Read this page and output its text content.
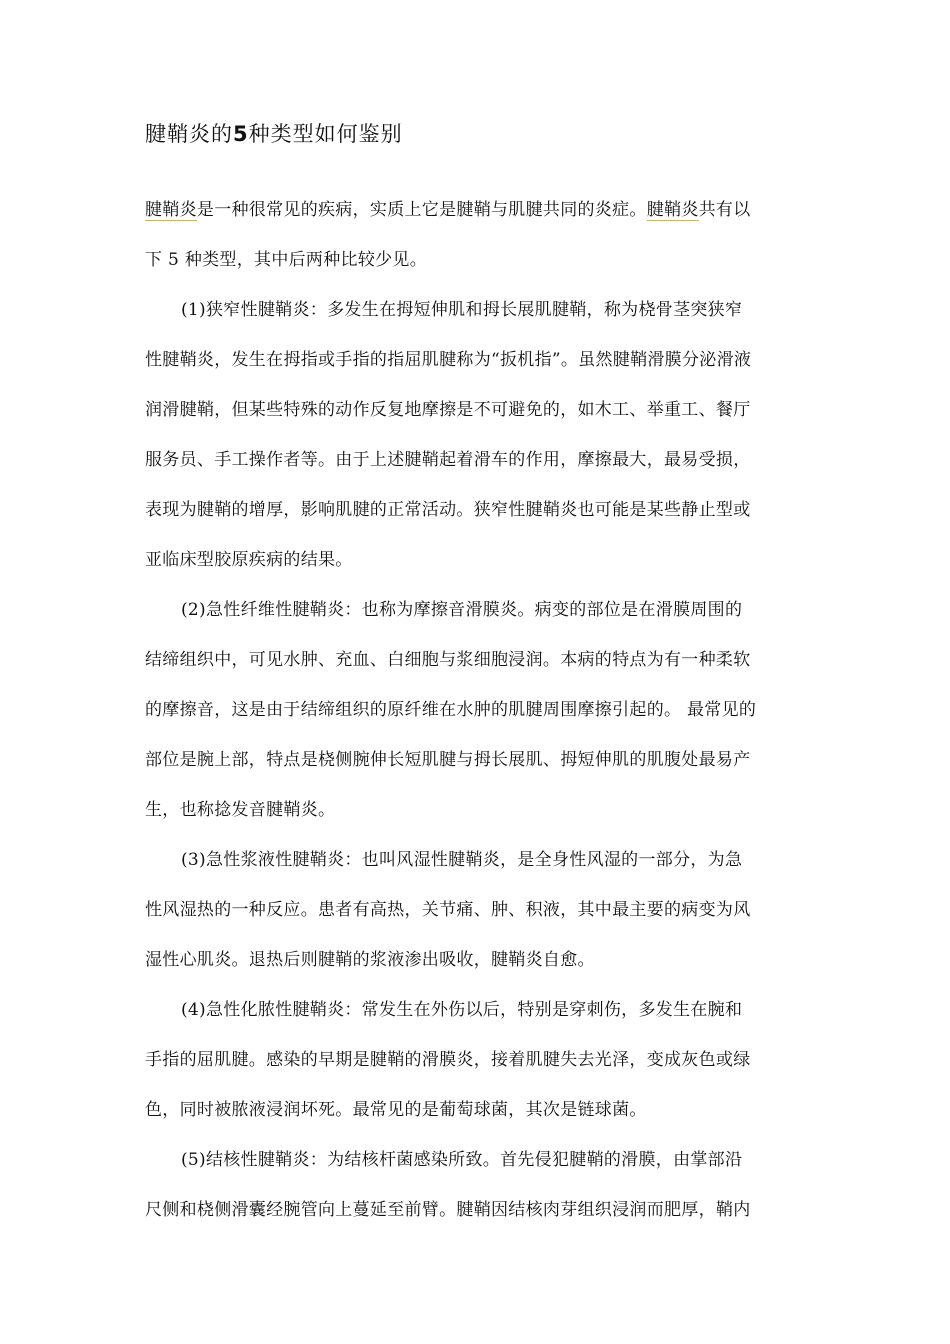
腱鞘炎的5种类型如何鉴别
腱鞘炎是一种很常见的疾病，实质上它是腱鞘与肌腱共同的炎症。腱鞘炎共有以
下 5 种类型，其中后两种比较少见。
(1)狭窄性腱鞘炎：多发生在拇短伸肌和拇长展肌腱鞘，称为桡骨茎突狭窄
性腱鞘炎，发生在拇指或手指的指屈肌腱称为“扳机指”。虽然腱鞘滑膜分泌滑液
润滑腱鞘，但某些特殊的动作反复地摩擦是不可避免的，如木工、举重工、餐厅
服务员、手工操作者等。由于上述腱鞘起着滑车的作用，摩擦最大，最易受损，
表现为腱鞘的增厚，影响肌腱的正常活动。狭窄性腱鞘炎也可能是某些静止型或
亚临床型胶原疾病的结果。
(2)急性纤维性腱鞘炎：也称为摩擦音滑膜炎。病变的部位是在滑膜周围的
结缔组织中，可见水肿、充血、白细胞与浆细胞浸润。本病的特点为有一种柔软
的摩擦音，这是由于结缔组织的原纤维在水肿的肌腱周围摩擦引起的。 最常见的
部位是腕上部，特点是桡侧腕伸长短肌腱与拇长展肌、拇短伸肌的肌腹处最易产
生，也称捻发音腱鞘炎。
(3)急性浆液性腱鞘炎：也叫风湿性腱鞘炎，是全身性风湿的一部分，为急
性风湿热的一种反应。患者有高热，关节痛、肿、积液，其中最主要的病变为风
湿性心肌炎。退热后则腱鞘的浆液渗出吸收，腱鞘炎自愈。
(4)急性化脓性腱鞘炎：常发生在外伤以后，特别是穿刺伤，多发生在腕和
手指的屈肌腱。感染的早期是腱鞘的滑膜炎，接着肌腱失去光泽，变成灰色或绿
色，同时被脓液浸润坏死。最常见的是葡萄球菌，其次是链球菌。
(5)结核性腱鞘炎：为结核杆菌感染所致。首先侵犯腱鞘的滑膜，由掌部沿
尺侧和桡侧滑囊经腕管向上蔓延至前臂。腱鞘因结核肉芽组织浸润而肥厚，鞘内
